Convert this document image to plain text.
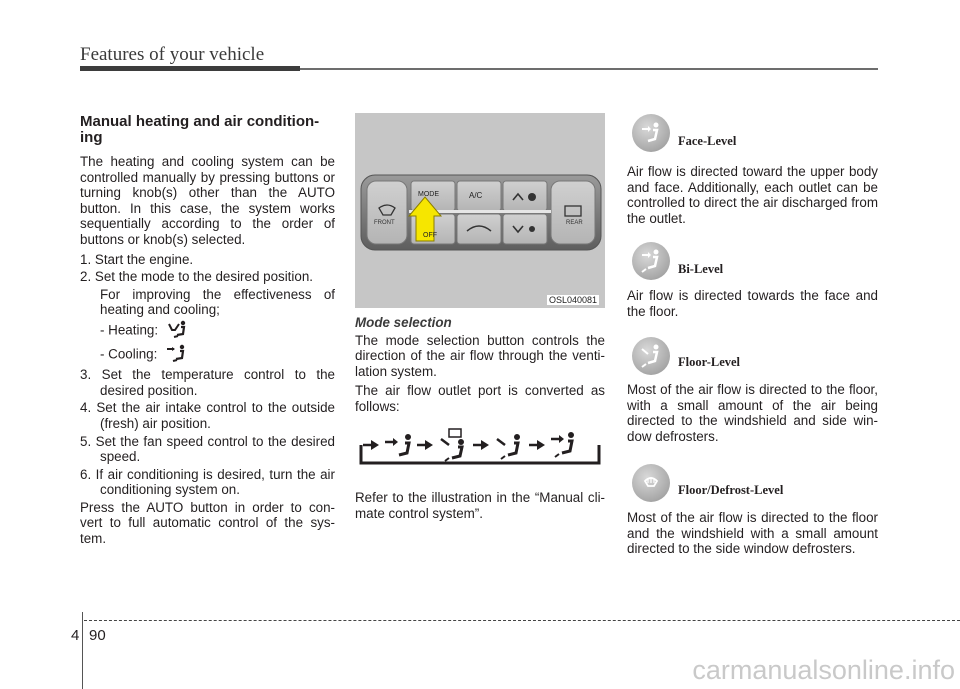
Features of your vehicle

Manual heating and air condition-
ing

The heating and cooling system can be controlled manually by pressing buttons or turning knob(s) other than the AUTO button. In this case, the system works sequentially according to the order of buttons or knob(s) selected.

1. Start the engine.

2. Set the mode to the desired position.

For improving the effectiveness of heating and cooling;

- Heating:

- Cooling:

3. Set the temperature control to the desired position.

4. Set the air intake control to the outside (fresh) air position.

5. Set the fan speed control to the desired speed.

6. If air conditioning is desired, turn the air conditioning system on.

Press the AUTO button in order to con- vert to full automatic control of the sys- tem.

FRONT
MODE
OFF
A/C
REAR
OSL040081

Mode selection

The mode selection button controls the direction of the air flow through the venti- lation system.

The air flow outlet port is converted as follows:

Refer to the illustration in the “Manual cli- mate control system”.

Face-Level
Air flow is directed toward the upper body and face. Additionally, each outlet can be controlled to direct the air discharged from the outlet.
Bi-Level
Air flow is directed towards the face and the floor.
Floor-Level
Most of the air flow is directed to the floor, with a small amount of the air being directed to the windshield and side win- dow defrosters.
Floor/Defrost-Level
Most of the air flow is directed to the floor and the windshield with a small amount directed to the side window defrosters.
4 90
carmanualsonline.info
